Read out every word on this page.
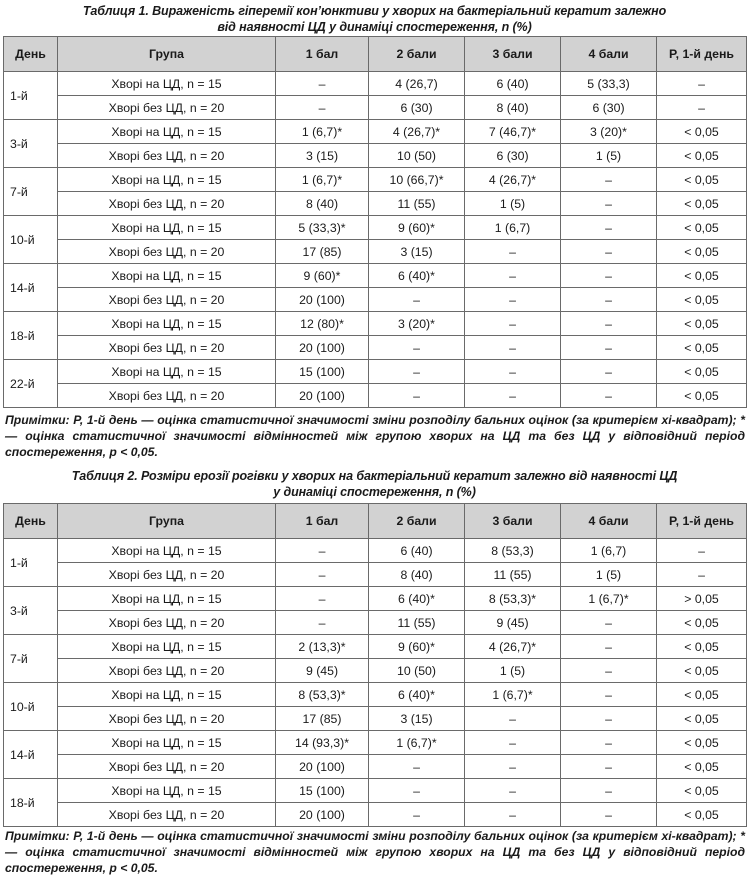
Таблиця 1. Вираженість гіперемії кон’юнктиви у хворих на бактеріальний кератит залежно
від наявності ЦД у динаміці спостереження, n (%)
День	Група	1 бал	2 бали	3 бали	4 бали	P, 1-й день
1-й	Хворі на ЦД, n = 15	–	4 (26,7)	6 (40)	5 (33,3)	–
	Хворі без ЦД, n = 20	–	6 (30)	8 (40)	6 (30)	–
3-й	Хворі на ЦД, n = 15	1 (6,7)*	4 (26,7)*	7 (46,7)*	3 (20)*	< 0,05
	Хворі без ЦД, n = 20	3 (15)	10 (50)	6 (30)	1 (5)	< 0,05
7-й	Хворі на ЦД, n = 15	1 (6,7)*	10 (66,7)*	4 (26,7)*	–	< 0,05
	Хворі без ЦД, n = 20	8 (40)	11 (55)	1 (5)	–	< 0,05
10-й	Хворі на ЦД, n = 15	5 (33,3)*	9 (60)*	1 (6,7)	–	< 0,05
	Хворі без ЦД, n = 20	17 (85)	3 (15)	–	–	< 0,05
14-й	Хворі на ЦД, n = 15	9 (60)*	6 (40)*	–	–	< 0,05
	Хворі без ЦД, n = 20	20 (100)	–	–	–	< 0,05
18-й	Хворі на ЦД, n = 15	12 (80)*	3 (20)*	–	–	< 0,05
	Хворі без ЦД, n = 20	20 (100)	–	–	–	< 0,05
22-й	Хворі на ЦД, n = 15	15 (100)	–	–	–	< 0,05
	Хворі без ЦД, n = 20	20 (100)	–	–	–	< 0,05
Примітки: Р, 1-й день — оцінка статистичної значимості зміни розподілу бальних оцінок (за критерієм хі-квадрат); * — оцінка статистичної значимості відмінностей між групою хворих на ЦД та без ЦД у відповідний період спостереження, р < 0,05.
Таблиця 2. Розміри ерозії рогівки у хворих на бактеріальний кератит залежно від наявності ЦД
у динаміці спостереження, n (%)
День	Група	1 бал	2 бали	3 бали	4 бали	P, 1-й день
1-й	Хворі на ЦД, n = 15	–	6 (40)	8 (53,3)	1 (6,7)	–
	Хворі без ЦД, n = 20	–	8 (40)	11 (55)	1 (5)	–
3-й	Хворі на ЦД, n = 15	–	6 (40)*	8 (53,3)*	1 (6,7)*	> 0,05
	Хворі без ЦД, n = 20	–	11 (55)	9 (45)	–	< 0,05
7-й	Хворі на ЦД, n = 15	2 (13,3)*	9 (60)*	4 (26,7)*	–	< 0,05
	Хворі без ЦД, n = 20	9 (45)	10 (50)	1 (5)	–	< 0,05
10-й	Хворі на ЦД, n = 15	8 (53,3)*	6 (40)*	1 (6,7)*	–	< 0,05
	Хворі без ЦД, n = 20	17 (85)	3 (15)	–	–	< 0,05
14-й	Хворі на ЦД, n = 15	14 (93,3)*	1 (6,7)*	–	–	< 0,05
	Хворі без ЦД, n = 20	20 (100)	–	–	–	< 0,05
18-й	Хворі на ЦД, n = 15	15 (100)	–	–	–	< 0,05
	Хворі без ЦД, n = 20	20 (100)	–	–	–	< 0,05
Примітки: Р, 1-й день — оцінка статистичної значимості зміни розподілу бальних оцінок (за критерієм хі-квадрат); * — оцінка статистичної значимості відмінностей між групою хворих на ЦД та без ЦД у відповідний період спостереження, р < 0,05.
